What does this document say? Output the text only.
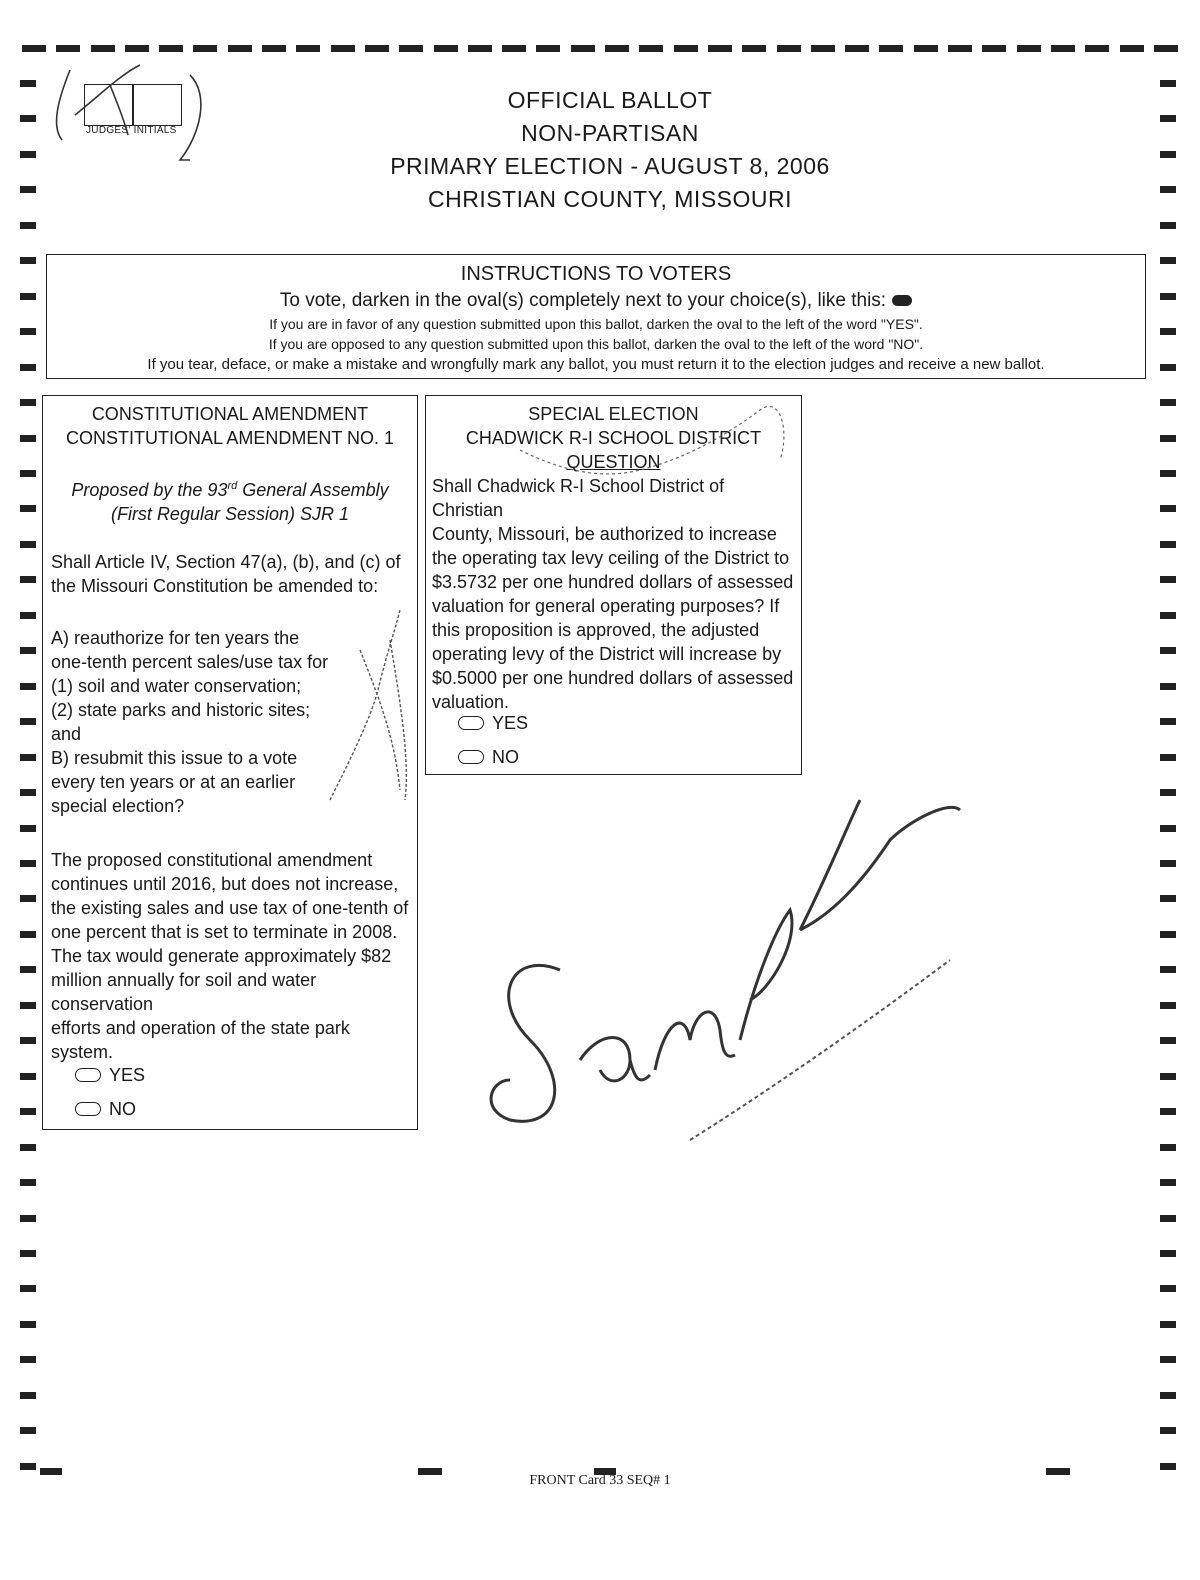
JUDGES' INITIALS
OFFICIAL BALLOT
NON-PARTISAN
PRIMARY ELECTION - AUGUST 8, 2006
CHRISTIAN COUNTY, MISSOURI
INSTRUCTIONS TO VOTERS
To vote, darken in the oval(s) completely next to your choice(s), like this:
If you are in favor of any question submitted upon this ballot, darken the oval to the left of the word "YES".
If you are opposed to any question submitted upon this ballot, darken the oval to the left of the word "NO".
If you tear, deface, or make a mistake and wrongfully mark any ballot, you must return it to the election judges and receive a new ballot.
CONSTITUTIONAL AMENDMENT
CONSTITUTIONAL AMENDMENT NO. 1
Proposed by the 93rd General Assembly
(First Regular Session) SJR 1

Shall Article IV, Section 47(a), (b), and (c) of

the Missouri Constitution be amended to:

A) reauthorize for ten years the

one-tenth percent sales/use tax for

(1) soil and water conservation;

(2) state parks and historic sites;

and

B) resubmit this issue to a vote

every ten years or at an earlier

special election?

The proposed constitutional amendment

continues until 2016, but does not increase,

the existing sales and use tax of one-tenth of

one percent that is set to terminate in 2008.

The tax would generate approximately $82

million annually for soil and water conservation

efforts and operation of the state park system.

YES
NO
SPECIAL ELECTION
CHADWICK R-I SCHOOL DISTRICT
QUESTION

Shall Chadwick R-I School District of Christian

County, Missouri, be authorized to increase

the operating tax levy ceiling of the District to

$3.5732 per one hundred dollars of assessed

valuation for general operating purposes? If

this proposition is approved, the adjusted

operating levy of the District will increase by

$0.5000 per one hundred dollars of assessed

valuation.

YES
NO
FRONT Card 33 SEQ# 1
